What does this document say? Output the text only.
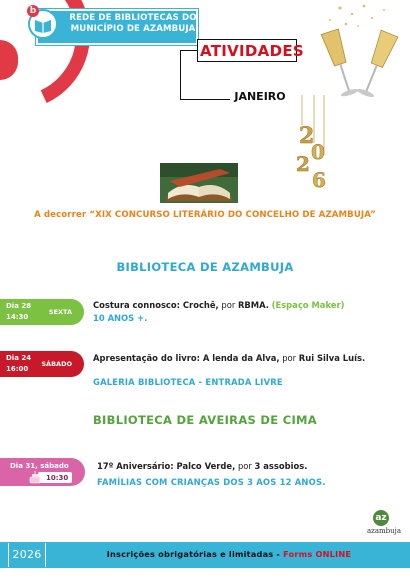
b
REDE DE BIBLIOTECAS DO
MUNICÍPIO DE AZAMBUJA
ATIVIDADES
JANEIRO
2
0
2
6
A decorrer “XIX CONCURSO LITERÁRIO DO CONCELHO DE AZAMBUJA”
BIBLIOTECA DE AZAMBUJA
Dia 28
14:30
SEXTA
Costura connosco: Crochê, por RBMA. (Espaço Maker)
10 ANOS +.
Dia 24
16:00
SÁBADO
Apresentação do livro: A lenda da Alva, por Rui Silva Luís.
GALERIA BIBLIOTECA - ENTRADA LIVRE
BIBLIOTECA DE AVEIRAS DE CIMA
Dia 31, sábado
10:30
17º Aniversário: Palco Verde, por 3 assobios.
FAMÍLIAS COM CRIANÇAS DOS 3 AOS 12 ANOS.
az
azambuja
Inscrições obrigatórias e limitadas - Forms ONLINE
2026
